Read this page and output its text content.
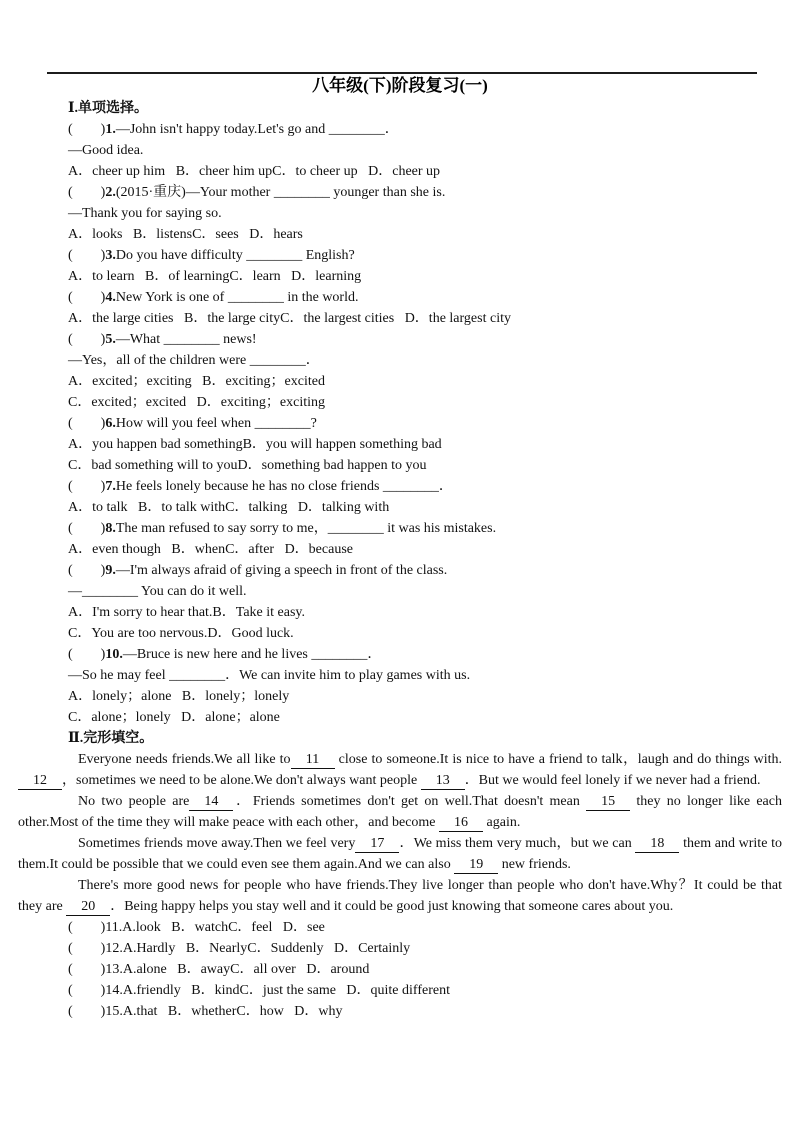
八年级(下)阶段复习(一)
Ⅰ.单项选择。
(        )1.—John isn't happy today.Let's go and ________．
—Good idea.
A．cheer up him   B．cheer him upC．to cheer up   D．cheer up
(        )2.(2015·重庆)—Your mother ________ younger than she is.
—Thank you for saying so.
A．looks   B．listensC．sees   D．hears
(        )3.Do you have difficulty ________ English?
A．to learn   B．of learningC．learn   D．learning
(        )4.New York is one of ________ in the world.
A．the large cities   B．the large cityC．the largest cities   D．the largest city
(        )5.—What ________ news!
—Yes，all of the children were ________．
A．excited；exciting   B．exciting；excited
C．excited；excited   D．exciting；exciting
(        )6.How will you feel when ________?
A．you happen bad somethingB．you will happen something bad
C．bad something will to youD．something bad happen to you
(        )7.He feels lonely because he has no close friends ________．
A．to talk   B．to talk withC．talking   D．talking with
(        )8.The man refused to say sorry to me，________ it was his mistakes.
A．even though   B．whenC．after   D．because
(        )9.—I'm always afraid of giving a speech in front of the class.
—________ You can do it well.
A．I'm sorry to hear that.B．Take it easy.
C．You are too nervous.D．Good luck.
(        )10.—Bruce is new here and he lives ________．
—So he may feel ________．We can invite him to play games with us.
A．lonely；alone   B．lonely；lonely
C．alone；lonely   D．alone；alone
Ⅱ.完形填空。
Everyone needs friends.We all like to 11 close to someone.It is nice to have a friend to talk，laugh and do things with.12 ，sometimes we need to be alone.We don't always want people 13 ．But we would feel lonely if we never had a friend.
No two people are 14 ．Friends sometimes don't get on well.That doesn't mean 15 they no longer like each other.Most of the time they will make peace with each other，and become 16 again.
Sometimes friends move away.Then we feel very 17 ．We miss them very much，but we can 18 them and write to them.It could be possible that we could even see them again.And we can also 19 new friends.
There's more good news for people who have friends.They live longer than people who don't have.Why？It could be that they are 20 ．Being happy helps you stay well and it could be good just knowing that someone cares about you.
(        )11.A.look   B．watchC．feel   D．see
(        )12.A.Hardly   B．NearlyC．Suddenly   D．Certainly
(        )13.A.alone   B．awayC．all over   D．around
(        )14.A.friendly   B．kindC．just the same   D．quite different
(        )15.A.that   B．whetherC．how   D．why
